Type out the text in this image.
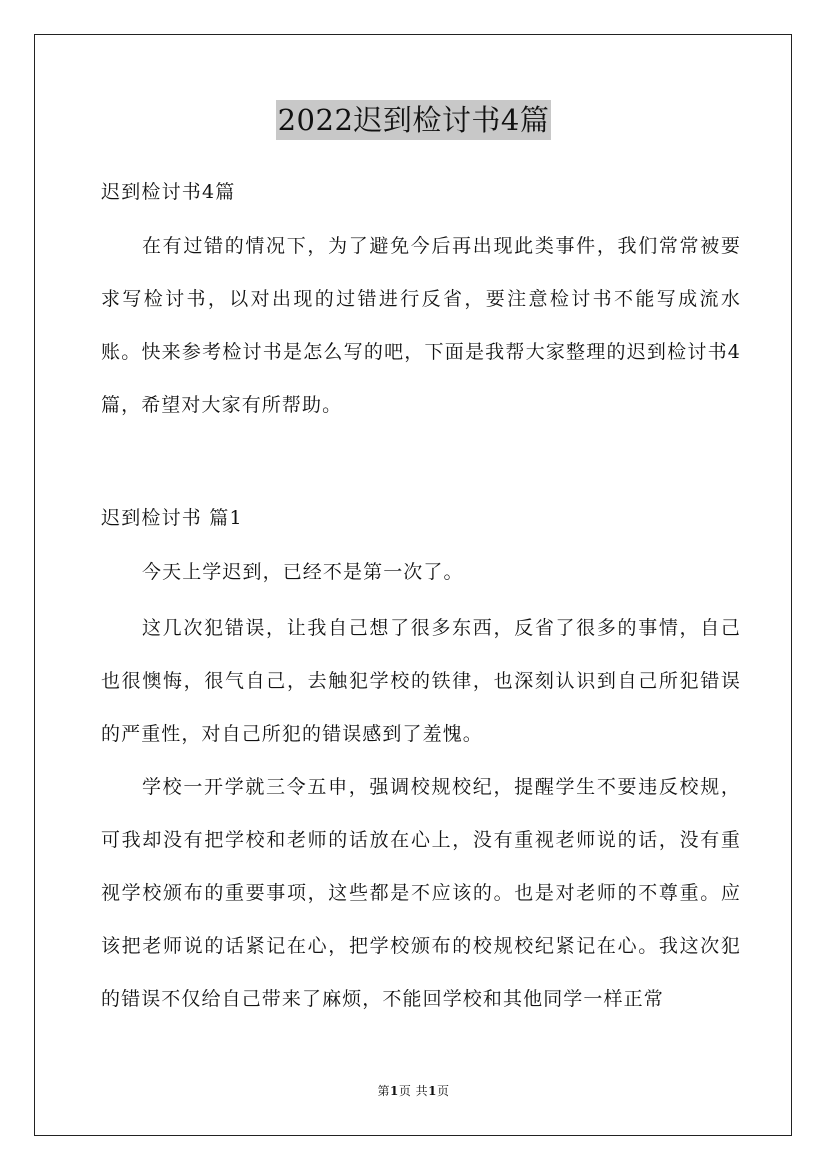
2022迟到检讨书4篇
迟到检讨书4篇
在有过错的情况下，为了避免今后再出现此类事件，我们常常被要求写检讨书，以对出现的过错进行反省，要注意检讨书不能写成流水账。快来参考检讨书是怎么写的吧，下面是我帮大家整理的迟到检讨书4篇，希望对大家有所帮助。
迟到检讨书 篇1
今天上学迟到，已经不是第一次了。
这几次犯错误，让我自己想了很多东西，反省了很多的事情，自己也很懊悔，很气自己，去触犯学校的铁律，也深刻认识到自己所犯错误的严重性，对自己所犯的错误感到了羞愧。
学校一开学就三令五申，强调校规校纪，提醒学生不要违反校规，可我却没有把学校和老师的话放在心上，没有重视老师说的话，没有重视学校颁布的重要事项，这些都是不应该的。也是对老师的不尊重。应该把老师说的话紧记在心，把学校颁布的校规校纪紧记在心。我这次犯的错误不仅给自己带来了麻烦，不能回学校和其他同学一样正常
第1页 共1页
